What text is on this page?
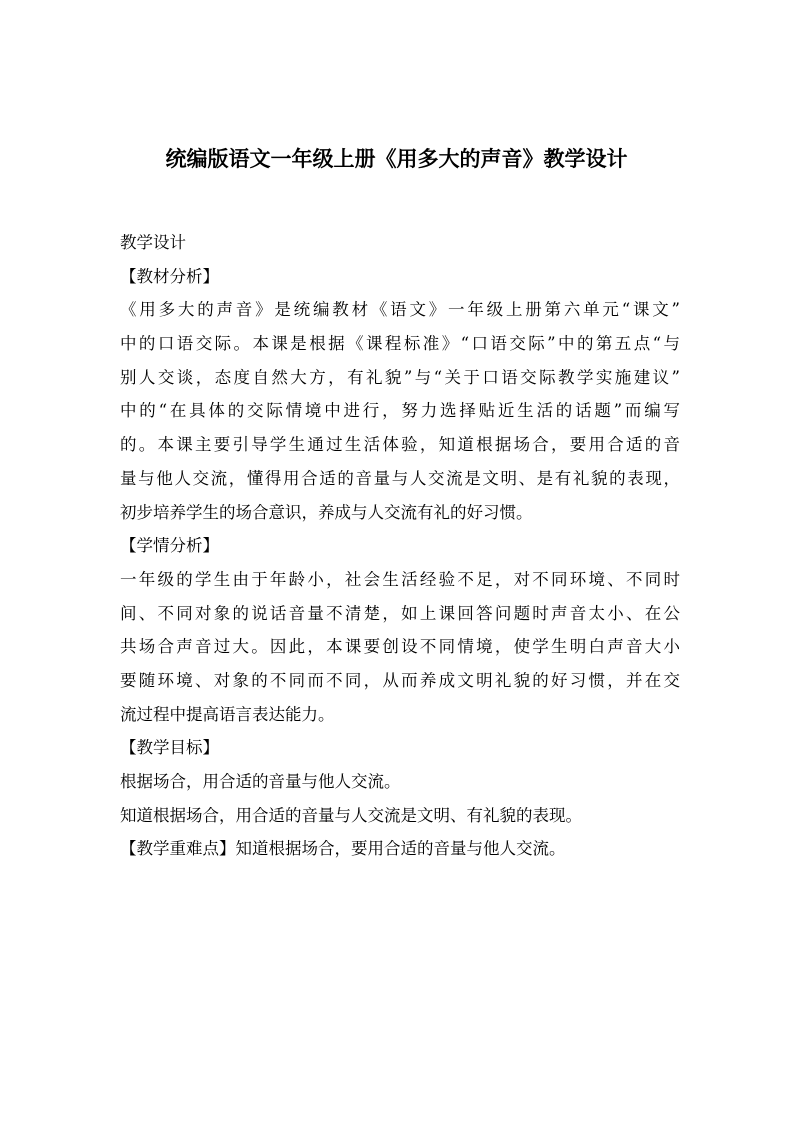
统编版语文一年级上册《用多大的声音》教学设计
教学设计
【教材分析】
《用多大的声音》是统编教材《语文》一年级上册第六单元“课文”
中的口语交际。本课是根据《课程标准》“口语交际”中的第五点“与
别人交谈，态度自然大方，有礼貌”与“关于口语交际教学实施建议”
中的“在具体的交际情境中进行，努力选择贴近生活的话题”而编写
的。本课主要引导学生通过生活体验，知道根据场合，要用合适的音
量与他人交流，懂得用合适的音量与人交流是文明、是有礼貌的表现，
初步培养学生的场合意识，养成与人交流有礼的好习惯。
【学情分析】
一年级的学生由于年龄小，社会生活经验不足，对不同环境、不同时
间、不同对象的说话音量不清楚，如上课回答问题时声音太小、在公
共场合声音过大。因此，本课要创设不同情境，使学生明白声音大小
要随环境、对象的不同而不同，从而养成文明礼貌的好习惯，并在交
流过程中提高语言表达能力。
【教学目标】
根据场合，用合适的音量与他人交流。
知道根据场合，用合适的音量与人交流是文明、有礼貌的表现。
【教学重难点】知道根据场合，要用合适的音量与他人交流。
